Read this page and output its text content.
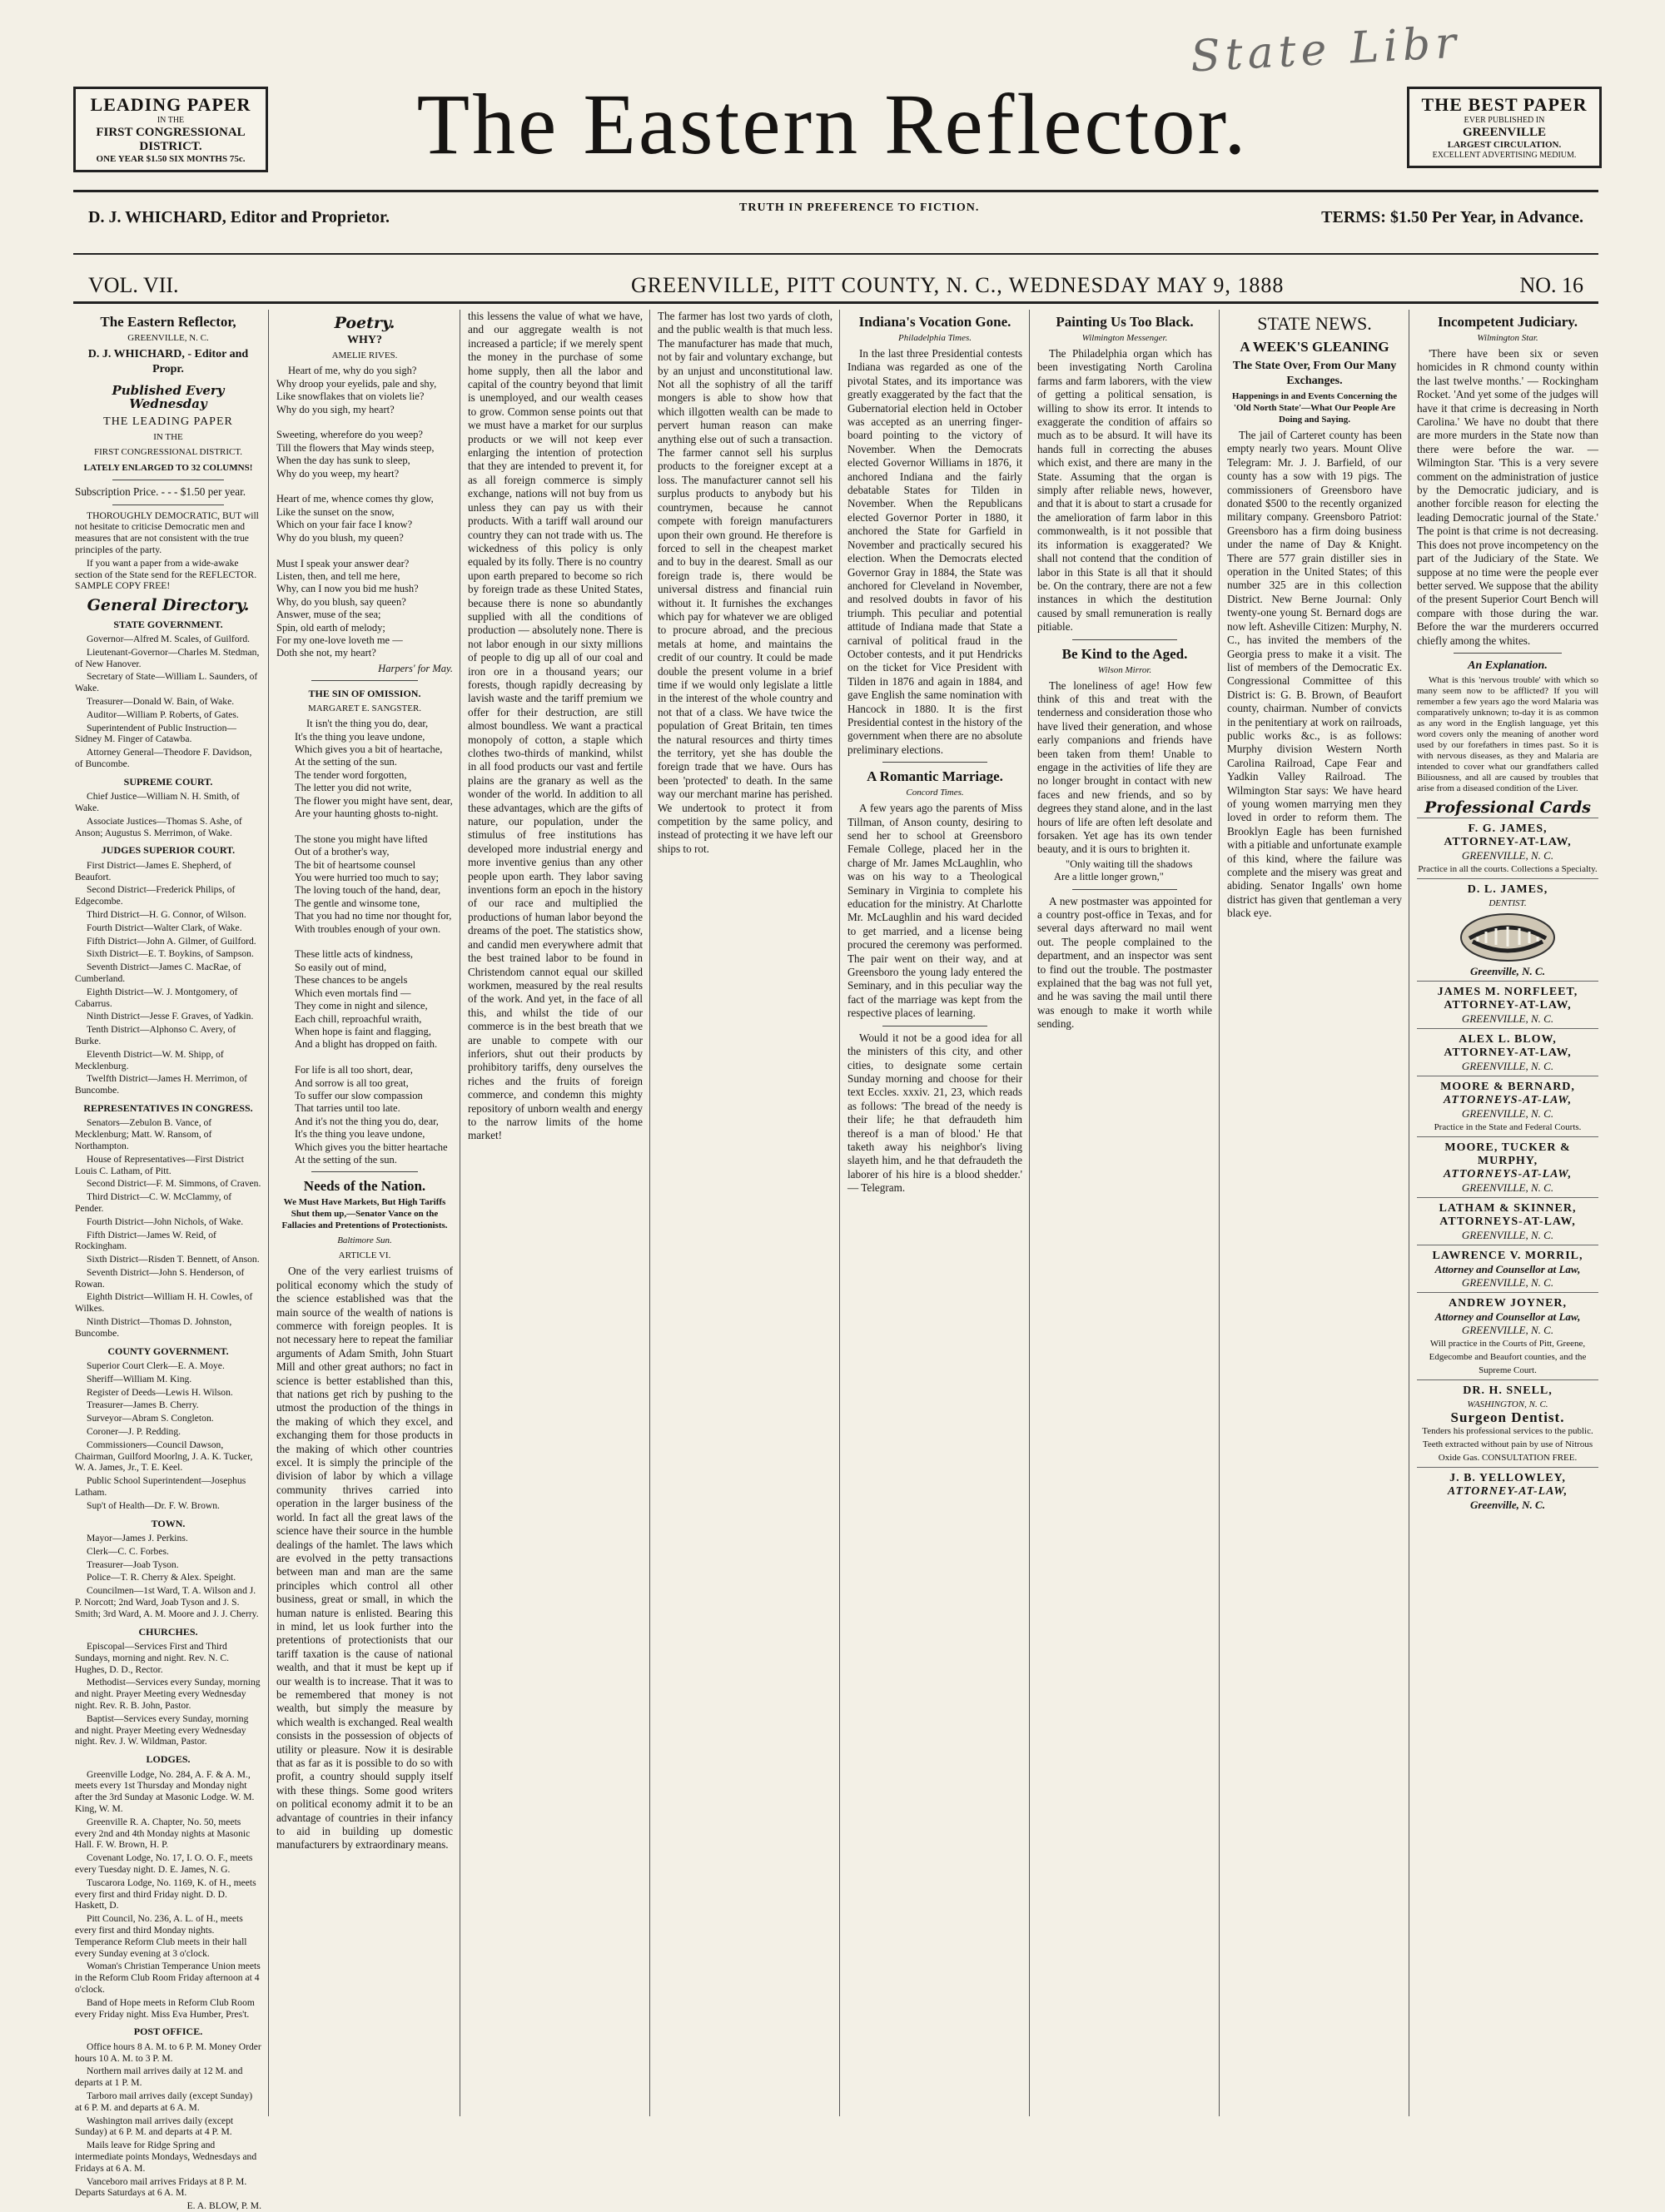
State Libr
LEADING PAPER
IN THE
FIRST CONGRESSIONAL DISTRICT.
ONE YEAR $1.50 SIX MONTHS 75c.	The Eastern Reflector.	THE BEST PAPER
EVER PUBLISHED IN
GREENVILLE
LARGEST CIRCULATION.
EXCELLENT ADVERTISING MEDIUM.
D. J. WHICHARD, Editor and Proprietor.
TRUTH IN PREFERENCE TO FICTION.
TERMS: $1.50 Per Year, in Advance.
VOL. VII.	GREENVILLE, PITT COUNTY, N. C., WEDNESDAY MAY 9, 1888	NO. 16
The Eastern Reflector,
GREENVILLE, N. C.
D. J. WHICHARD, - Editor and Propr.
Published Every Wednesday
THE LEADING PAPER
IN THE
FIRST CONGRESSIONAL DISTRICT.
LATELY ENLARGED TO 32 COLUMNS!

Subscription Price. - - - $1.50 per year.

THOROUGHLY DEMOCRATIC, BUT will not hesitate to criticise Democratic men and measures that are not consistent with the true principles of the party.

If you want a paper from a wide-awake section of the State send for the REFLECTOR. SAMPLE COPY FREE!

General Directory.
STATE GOVERNMENT.

Governor—Alfred M. Scales, of Guilford.

Lieutenant-Governor—Charles M. Stedman, of New Hanover.

Secretary of State—William L. Saunders, of Wake.

Treasurer—Donald W. Bain, of Wake.

Auditor—William P. Roberts, of Gates.

Superintendent of Public Instruction—Sidney M. Finger of Catawba.

Attorney General—Theodore F. Davidson, of Buncombe.

SUPREME COURT.

Chief Justice—William N. H. Smith, of Wake.

Associate Justices—Thomas S. Ashe, of Anson; Augustus S. Merrimon, of Wake.

JUDGES SUPERIOR COURT.

First District—James E. Shepherd, of Beaufort.

Second District—Frederick Philips, of Edgecombe.

Third District—H. G. Connor, of Wilson.

Fourth District—Walter Clark, of Wake.

Fifth District—John A. Gilmer, of Guilford.

Sixth District—E. T. Boykins, of Sampson.

Seventh District—James C. MacRae, of Cumberland.

Eighth District—W. J. Montgomery, of Cabarrus.

Ninth District—Jesse F. Graves, of Yadkin.

Tenth District—Alphonso C. Avery, of Burke.

Eleventh District—W. M. Shipp, of Mecklenburg.

Twelfth District—James H. Merrimon, of Buncombe.

REPRESENTATIVES IN CONGRESS.

Senators—Zebulon B. Vance, of Mecklenburg; Matt. W. Ransom, of Northampton.

House of Representatives—First District Louis C. Latham, of Pitt.

Second District—F. M. Simmons, of Craven.

Third District—C. W. McClammy, of Pender.

Fourth District—John Nichols, of Wake.

Fifth District—James W. Reid, of Rockingham.

Sixth District—Risden T. Bennett, of Anson.

Seventh District—John S. Henderson, of Rowan.

Eighth District—William H. H. Cowles, of Wilkes.

Ninth District—Thomas D. Johnston, Buncombe.

COUNTY GOVERNMENT.

Superior Court Clerk—E. A. Moye.

Sheriff—William M. King.

Register of Deeds—Lewis H. Wilson.

Treasurer—James B. Cherry.

Surveyor—Abram S. Congleton.

Coroner—J. P. Redding.

Commissioners—Council Dawson, Chairman, Guilford Moorlng, J. A. K. Tucker, W. A. James, Jr., T. E. Keel.

Public School Superintendent—Josephus Latham.

Sup't of Health—Dr. F. W. Brown.

TOWN.

Mayor—James J. Perkins.

Clerk—C. C. Forbes.

Treasurer—Joab Tyson.

Police—T. R. Cherry & Alex. Speight.

Councilmen—1st Ward, T. A. Wilson and J. P. Norcott; 2nd Ward, Joab Tyson and J. S. Smith; 3rd Ward, A. M. Moore and J. J. Cherry.

CHURCHES.

Episcopal—Services First and Third Sundays, morning and night. Rev. N. C. Hughes, D. D., Rector.

Methodist—Services every Sunday, morning and night. Prayer Meeting every Wednesday night. Rev. R. B. John, Pastor.

Baptist—Services every Sunday, morning and night. Prayer Meeting every Wednesday night. Rev. J. W. Wildman, Pastor.

LODGES.

Greenville Lodge, No. 284, A. F. & A. M., meets every 1st Thursday and Monday night after the 3rd Sunday at Masonic Lodge. W. M. King, W. M.

Greenville R. A. Chapter, No. 50, meets every 2nd and 4th Monday nights at Masonic Hall. F. W. Brown, H. P.

Covenant Lodge, No. 17, I. O. O. F., meets every Tuesday night. D. E. James, N. G.

Tuscarora Lodge, No. 1169, K. of H., meets every first and third Friday night. D. D. Haskett, D.

Pitt Council, No. 236, A. L. of H., meets every first and third Monday nights. Temperance Reform Club meets in their hall every Sunday evening at 3 o'clock.

Woman's Christian Temperance Union meets in the Reform Club Room Friday afternoon at 4 o'clock.

Band of Hope meets in Reform Club Room every Friday night. Miss Eva Humber, Pres't.

POST OFFICE.

Office hours 8 A. M. to 6 P. M. Money Order hours 10 A. M. to 3 P. M.

Northern mail arrives daily at 12 M. and departs at 1 P. M.

Tarboro mail arrives daily (except Sunday) at 6 P. M. and departs at 6 A. M.

Washington mail arrives daily (except Sunday) at 6 P. M. and departs at 4 P. M.

Mails leave for Ridge Spring and intermediate points Mondays, Wednesdays and Fridays at 6 A. M.

Vanceboro mail arrives Fridays at 8 P. M. Departs Saturdays at 6 A. M.

E. A. BLOW, P. M.

Poetry.
WHY?
AMELIE RIVES.

Heart of me, why do you sigh?
Why droop your eyelids, pale and shy,
Like snowflakes that on violets lie?
Why do you sigh, my heart?

Sweeting, wherefore do you weep?
Till the flowers that May winds steep,
When the day has sunk to sleep,
Why do you weep, my heart?

Heart of me, whence comes thy glow,
Like the sunset on the snow,
Which on your fair face I know?
Why do you blush, my queen?

Must I speak your answer dear?
Listen, then, and tell me here,
Why, can I now you bid me hush?
Why, do you blush, say queen?
Answer, muse of the sea;
Spin, old earth of melody;
For my one-love loveth me —
Doth she not, my heart?

Harpers' for May.

THE SIN OF OMISSION.
MARGARET E. SANGSTER.

It isn't the thing you do, dear,
It's the thing you leave undone,
Which gives you a bit of heartache,
At the setting of the sun.
The tender word forgotten,
The letter you did not write,
The flower you might have sent, dear,
Are your haunting ghosts to-night.

The stone you might have lifted
Out of a brother's way,
The bit of heartsome counsel
You were hurried too much to say;
The loving touch of the hand, dear,
The gentle and winsome tone,
That you had no time nor thought for,
With troubles enough of your own.

These little acts of kindness,
So easily out of mind,
These chances to be angels
Which even mortals find —
They come in night and silence,
Each chill, reproachful wraith,
When hope is faint and flagging,
And a blight has dropped on faith.

For life is all too short, dear,
And sorrow is all too great,
To suffer our slow compassion
That tarries until too late.
And it's not the thing you do, dear,
It's the thing you leave undone,
Which gives you the bitter heartache
At the setting of the sun.

Needs of the Nation.
We Must Have Markets, But High Tariffs Shut them up,—Senator Vance on the Fallacies and Pretentions of Protectionists.
Baltimore Sun.
ARTICLE VI.

One of the very earliest truisms of political economy which the study of the science established was that the main source of the wealth of nations is commerce with foreign peoples. It is not necessary here to repeat the familiar arguments of Adam Smith, John Stuart Mill and other great authors; no fact in science is better established than this, that nations get rich by pushing to the utmost the production of the things in the making of which they excel, and exchanging them for those products in the making of which other countries excel. It is simply the principle of the division of labor by which a village community thrives carried into operation in the larger business of the world. In fact all the great laws of the science have their source in the humble dealings of the hamlet. The laws which are evolved in the petty transactions between man and man are the same principles which control all other business, great or small, in which the human nature is enlisted. Bearing this in mind, let us look further into the pretentions of protectionists that our tariff taxation is the cause of national wealth, and that it must be kept up if our wealth is to increase. That it was to be remembered that money is not wealth, but simply the measure by which wealth is exchanged. Real wealth consists in the possession of objects of utility or pleasure. Now it is desirable that as far as it is possible to do so with profit, a country should supply itself with these things. Some good writers on political economy admit it to be an advantage of countries in their infancy to aid in building up domestic manufacturers by extraordinary means.

this lessens the value of what we have, and our aggregate wealth is not increased a particle; if we merely spent the money in the purchase of some home supply, then all the labor and capital of the country beyond that limit is unemployed, and our wealth ceases to grow. Common sense points out that we must have a market for our surplus products or we will not keep ever enlarging the intention of protection that they are intended to prevent it, for as all foreign commerce is simply exchange, nations will not buy from us unless they can pay us with their products. With a tariff wall around our country they can not trade with us. The wickedness of this policy is only equaled by its folly. There is no country upon earth prepared to become so rich by foreign trade as these United States, because there is none so abundantly supplied with all the conditions of production — absolutely none. There is not labor enough in our sixty millions of people to dig up all of our coal and iron ore in a thousand years; our forests, though rapidly decreasing by lavish waste and the tariff premium we offer for their destruction, are still almost boundless. We want a practical monopoly of cotton, a staple which clothes two-thirds of mankind, whilst in all food products our vast and fertile plains are the granary as well as the wonder of the world. In addition to all these advantages, which are the gifts of nature, our population, under the stimulus of free institutions has developed more industrial energy and more inventive genius than any other people upon earth. They labor saving inventions form an epoch in the history of our race and multiplied the productions of human labor beyond the dreams of the poet. The statistics show, and candid men everywhere admit that the best trained labor to be found in Christendom cannot equal our skilled workmen, measured by the real results of the work. And yet, in the face of all this, and whilst the tide of our commerce is in the best breath that we are unable to compete with our inferiors, shut out their products by prohibitory tariffs, deny ourselves the riches and the fruits of foreign commerce, and condemn this mighty repository of unborn wealth and energy to the narrow limits of the home market!

The farmer has lost two yards of cloth, and the public wealth is that much less. The manufacturer has made that much, not by fair and voluntary exchange, but by an unjust and unconstitutional law. Not all the sophistry of all the tariff mongers is able to show how that which illgotten wealth can be made to pervert human reason can make anything else out of such a transaction. The farmer cannot sell his surplus products to the foreigner except at a loss. The manufacturer cannot sell his surplus products to anybody but his countrymen, because he cannot compete with foreign manufacturers upon their own ground. He therefore is forced to sell in the cheapest market and to buy in the dearest. Small as our foreign trade is, there would be universal distress and financial ruin without it. It furnishes the exchanges which pay for whatever we are obliged to procure abroad, and the precious metals at home, and maintains the credit of our country. It could be made double the present volume in a brief time if we would only legislate a little in the interest of the whole country and not that of a class. We have twice the population of Great Britain, ten times the natural resources and thirty times the territory, yet she has double the foreign trade that we have. Ours has been 'protected' to death. In the same way our merchant marine has perished. We undertook to protect it from competition by the same policy, and instead of protecting it we have left our ships to rot.

Indiana's Vocation Gone.
Philadelphia Times.

In the last three Presidential contests Indiana was regarded as one of the pivotal States, and its importance was greatly exaggerated by the fact that the Gubernatorial election held in October was accepted as an unerring finger-board pointing to the victory of November. When the Democrats elected Governor Williams in 1876, it anchored Indiana and the fairly debatable States for Tilden in November. When the Republicans elected Governor Porter in 1880, it anchored the State for Garfield in November and practically secured his election. When the Democrats elected Governor Gray in 1884, the State was anchored for Cleveland in November, and resolved doubts in favor of his triumph. This peculiar and potential attitude of Indiana made that State a carnival of political fraud in the October contests, and it put Hendricks on the ticket for Vice President with Tilden in 1876 and again in 1884, and gave English the same nomination with Hancock in 1880. It is the first Presidential contest in the history of the government when there are no absolute preliminary elections.

A Romantic Marriage.
Concord Times.

A few years ago the parents of Miss Tillman, of Anson county, desiring to send her to school at Greensboro Female College, placed her in the charge of Mr. James McLaughlin, who was on his way to a Theological Seminary in Virginia to complete his education for the ministry. At Charlotte Mr. McLaughlin and his ward decided to get married, and a license being procured the ceremony was performed. The pair went on their way, and at Greensboro the young lady entered the Seminary, and in this peculiar way the fact of the marriage was kept from the respective places of learning.

Would it not be a good idea for all the ministers of this city, and other cities, to designate some certain Sunday morning and choose for their text Eccles. xxxiv. 21, 23, which reads as follows: 'The bread of the needy is their life; he that defraudeth him thereof is a man of blood.' He that taketh away his neighbor's living slayeth him, and he that defraudeth the laborer of his hire is a blood shedder.' — Telegram.

Painting Us Too Black.
Wilmington Messenger.

The Philadelphia organ which has been investigating North Carolina farms and farm laborers, with the view of getting a political sensation, is willing to show its error. It intends to exaggerate the condition of affairs so much as to be absurd. It will have its hands full in correcting the abuses which exist, and there are many in the State. Assuming that the organ is simply after reliable news, however, and that it is about to start a crusade for the amelioration of farm labor in this commonwealth, is it not possible that its information is exaggerated? We shall not contend that the condition of labor in this State is all that it should be. On the contrary, there are not a few instances in which the destitution caused by small remuneration is really pitiable.

Be Kind to the Aged.
Wilson Mirror.

The loneliness of age! How few think of this and treat with the tenderness and consideration those who have lived their generation, and whose early companions and friends have been taken from them! Unable to engage in the activities of life they are no longer brought in contact with new faces and new friends, and so by degrees they stand alone, and in the last hours of life are often left desolate and forsaken. Yet age has its own tender beauty, and it is ours to brighten it.

"Only waiting till the shadows
Are a little longer grown,"

A new postmaster was appointed for a country post-office in Texas, and for several days afterward no mail went out. The people complained to the department, and an inspector was sent to find out the trouble. The postmaster explained that the bag was not full yet, and he was saving the mail until there was enough to make it worth while sending.

STATE NEWS.
A WEEK'S GLEANING
The State Over, From Our Many Exchanges.
Happenings in and Events Concerning the 'Old North State'—What Our People Are Doing and Saying.

The jail of Carteret county has been empty nearly two years. Mount Olive Telegram: Mr. J. J. Barfield, of our county has a sow with 19 pigs. The commissioners of Greensboro have donated $500 to the recently organized military company. Greensboro Patriot: Greensboro has a firm doing business under the name of Day & Knight. There are 577 grain distiller sies in operation in the United States; of this number 325 are in this collection District. New Berne Journal: Only twenty-one young St. Bernard dogs are now left. Asheville Citizen: Murphy, N. C., has invited the members of the Georgia press to make it a visit. The list of members of the Democratic Ex. Congressional Committee of this District is: G. B. Brown, of Beaufort county, chairman. Number of convicts in the penitentiary at work on railroads, public works &c., is as follows: Murphy division Western North Carolina Railroad, Cape Fear and Yadkin Valley Railroad. The Wilmington Star says: We have heard of young women marrying men they loved in order to reform them. The Brooklyn Eagle has been furnished with a pitiable and unfortunate example of this kind, where the failure was complete and the misery was great and abiding. Senator Ingalls' own home district has given that gentleman a very black eye.

Incompetent Judiciary.
Wilmington Star.

'There have been six or seven homicides in R chmond county within the last twelve months.' — Rockingham Rocket. 'And yet some of the judges will have it that crime is decreasing in North Carolina.' We have no doubt that there are more murders in the State now than there were before the war. — Wilmington Star. 'This is a very severe comment on the administration of justice by the Democratic judiciary, and is another forcible reason for electing the leading Democratic journal of the State.' The point is that crime is not decreasing. This does not prove incompetency on the part of the Judiciary of the State. We suppose at no time were the people ever better served. We suppose that the ability of the present Superior Court Bench will compare with those during the war. Before the war the murderers occurred chiefly among the whites.

An Explanation.

What is this 'nervous trouble' with which so many seem now to be afflicted? If you will remember a few years ago the word Malaria was comparatively unknown; to-day it is as common as any word in the English language, yet this word covers only the meaning of another word used by our forefathers in times past. So it is with nervous diseases, as they and Malaria are intended to cover what our grandfathers called Biliousness, and all are caused by troubles that arise from a diseased condition of the Liver.

Professional Cards
F. G. JAMES,
ATTORNEY-AT-LAW,
GREENVILLE, N. C.
Practice in all the courts. Collections a Specialty.
D. L. JAMES,
DENTIST.
Greenville, N. C.
JAMES M. NORFLEET,
ATTORNEY-AT-LAW,
GREENVILLE, N. C.
ALEX L. BLOW,
ATTORNEY-AT-LAW,
GREENVILLE, N. C.
MOORE & BERNARD,
ATTORNEYS-AT-LAW,
GREENVILLE, N. C.
Practice in the State and Federal Courts.
MOORE, TUCKER & MURPHY,
ATTORNEYS-AT-LAW,
GREENVILLE, N. C.
LATHAM & SKINNER,
ATTORNEYS-AT-LAW,
GREENVILLE, N. C.
LAWRENCE V. MORRIL,
Attorney and Counsellor at Law,
GREENVILLE, N. C.
ANDREW JOYNER,
Attorney and Counsellor at Law,
GREENVILLE, N. C.
Will practice in the Courts of Pitt, Greene, Edgecombe and Beaufort counties, and the Supreme Court.
DR. H. SNELL,
WASHINGTON, N. C.
Surgeon Dentist.
Tenders his professional services to the public. Teeth extracted without pain by use of Nitrous Oxide Gas. CONSULTATION FREE.
J. B. YELLOWLEY,
ATTORNEY-AT-LAW,
Greenville, N. C.
